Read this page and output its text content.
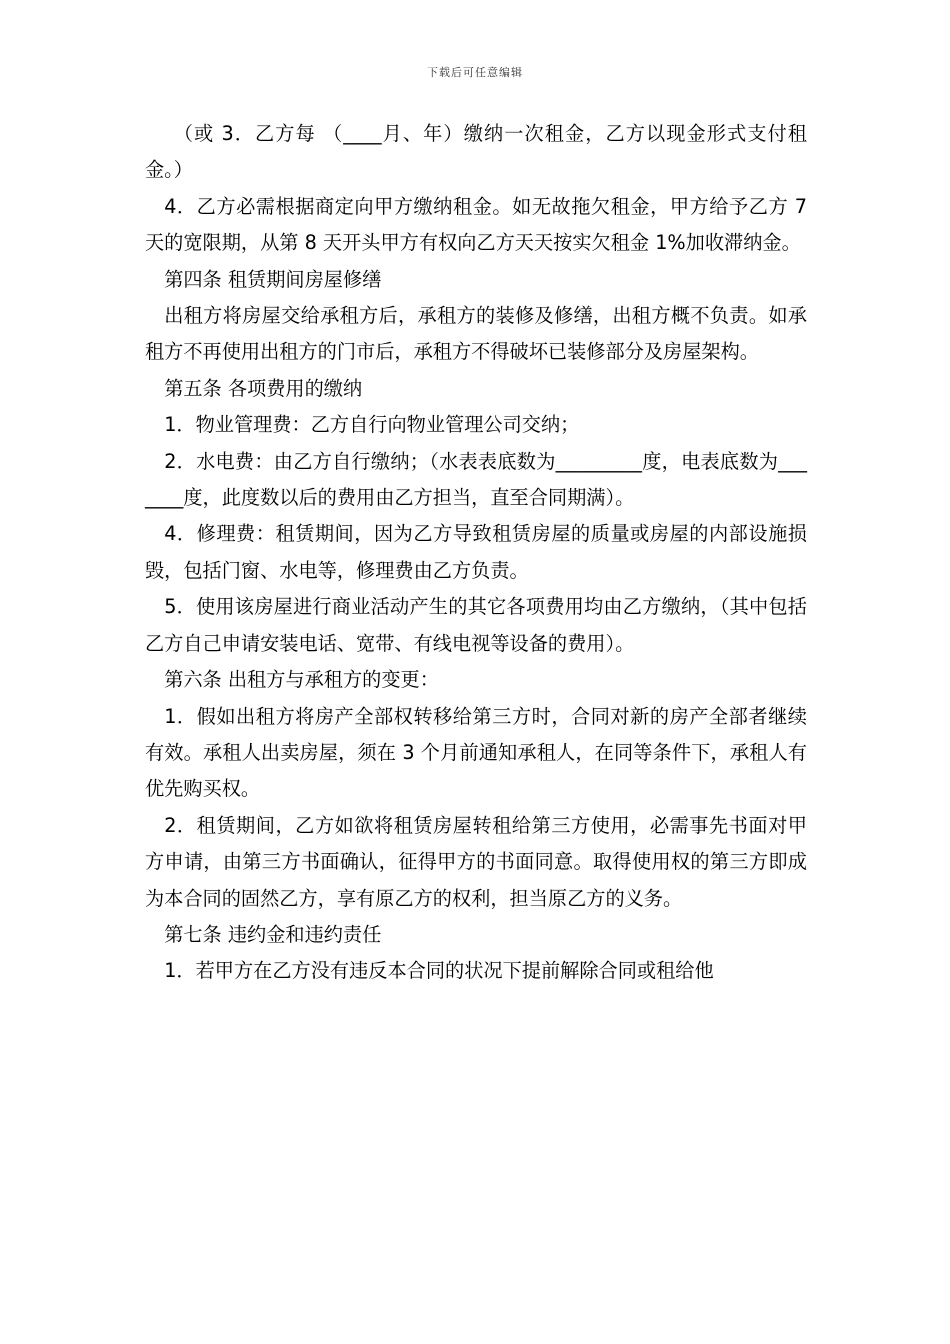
下载后可任意编辑

（或 3．乙方每 （____月、年）缴纳一次租金，乙方以现金形式支付租金。）

4．乙方必需根据商定向甲方缴纳租金。如无故拖欠租金，甲方给予乙方 7 天的宽限期，从第 8 天开头甲方有权向乙方天天按实欠租金 1%加收滞纳金。

第四条 租赁期间房屋修缮

出租方将房屋交给承租方后，承租方的装修及修缮，出租方概不负责。如承租方不再使用出租方的门市后，承租方不得破坏已装修部分及房屋架构。

第五条 各项费用的缴纳

1．物业管理费：乙方自行向物业管理公司交纳；

2．水电费：由乙方自行缴纳；（水表表底数为_________度，电表底数为_______度，此度数以后的费用由乙方担当，直至合同期满）。

4．修理费：租赁期间，因为乙方导致租赁房屋的质量或房屋的内部设施损毁，包括门窗、水电等，修理费由乙方负责。

5．使用该房屋进行商业活动产生的其它各项费用均由乙方缴纳，（其中包括乙方自己申请安装电话、宽带、有线电视等设备的费用）。

第六条 出租方与承租方的变更：

1．假如出租方将房产全部权转移给第三方时，合同对新的房产全部者继续有效。承租人出卖房屋，须在 3 个月前通知承租人，在同等条件下，承租人有优先购买权。

2．租赁期间，乙方如欲将租赁房屋转租给第三方使用，必需事先书面对甲方申请，由第三方书面确认，征得甲方的书面同意。取得使用权的第三方即成为本合同的固然乙方，享有原乙方的权利，担当原乙方的义务。

第七条 违约金和违约责任

1．若甲方在乙方没有违反本合同的状况下提前解除合同或租给他
